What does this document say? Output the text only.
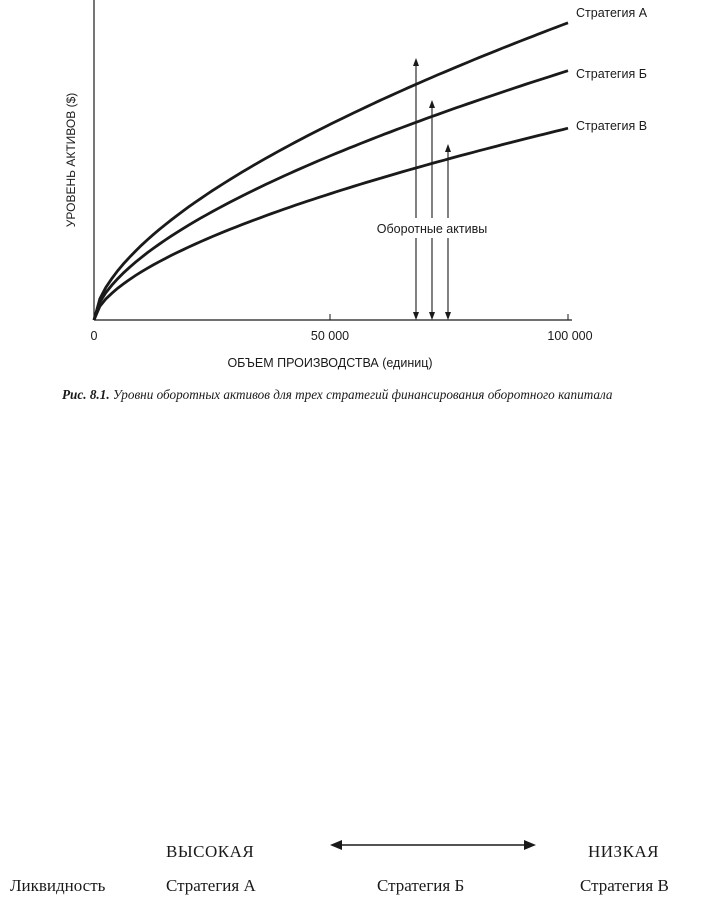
Стратегия А
Стратегия Б
Стратегия В
Оборотные активы
0	50 000	100 000
ОБЪЕМ ПРОИЗВОДСТВА (единиц)
УРОВЕНЬ АКТИВОВ ($)

Рис. 8.1. Уровни оборотных активов для трех стратегий финансирования оборотного капитала

ВЫСОКАЯ	НИЗКАЯ
Ликвидность	Стратегия А	Стратегия Б	Стратегия В
